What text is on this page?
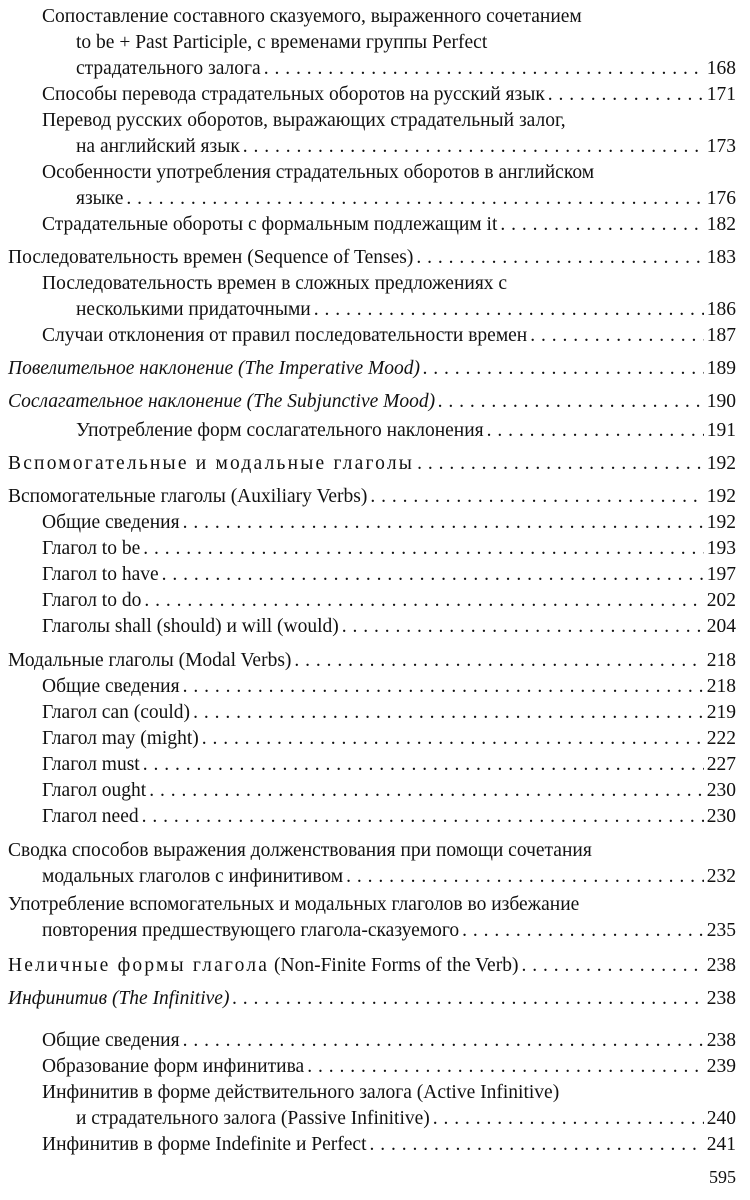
Сопоставление составного сказуемого, выраженного сочетанием
to be + Past Participle, с временами группы Perfect
страдательного залога . . .	168
Способы перевода страдательных оборотов на русский язык . . .	171
Перевод русских оборотов, выражающих страдательный залог,
на английский язык . . .	173
Особенности употребления страдательных оборотов в английском
языке . . .	176
Страдательные обороты с формальным подлежащим it . . .	182
Последовательность времен (Sequence of Tenses) . . .	183
Последовательность времен в сложных предложениях с
несколькими придаточными . . .	186
Случаи отклонения от правил последовательности времен . . .	187
Повелительное наклонение (The Imperative Mood) . . .	189
Сослагательное наклонение (The Subjunctive Mood) . . .	190
Употребление форм сослагательного наклонения . . .	191
Вспомогательные и модальные глаголы . . .	192
Вспомогательные глаголы (Auxiliary Verbs) . . .	192
Общие сведения . . .	192
Глагол to be . . .	193
Глагол to have . . .	197
Глагол to do . . .	202
Глаголы shall (should) и will (would) . . .	204
Модальные глаголы (Modal Verbs) . . .	218
Общие сведения . . .	218
Глагол can (could) . . .	219
Глагол may (might) . . .	222
Глагол must . . .	227
Глагол ought . . .	230
Глагол need . . .	230
Сводка способов выражения долженствования при помощи сочетания
модальных глаголов с инфинитивом . . .	232
Употребление вспомогательных и модальных глаголов во избежание
повторения предшествующего глагола-сказуемого . . .	235
Неличные формы глагола (Non-Finite Forms of the Verb) . . .	238
Инфинитив (The Infinitive) . . .	238
Общие сведения . . .	238
Образование форм инфинитива . . .	239
Инфинитив в форме действительного залога (Active Infinitive)
и страдательного залога (Passive Infinitive) . . .	240
Инфинитив в форме Indefinite и Perfect . . .	241
595
